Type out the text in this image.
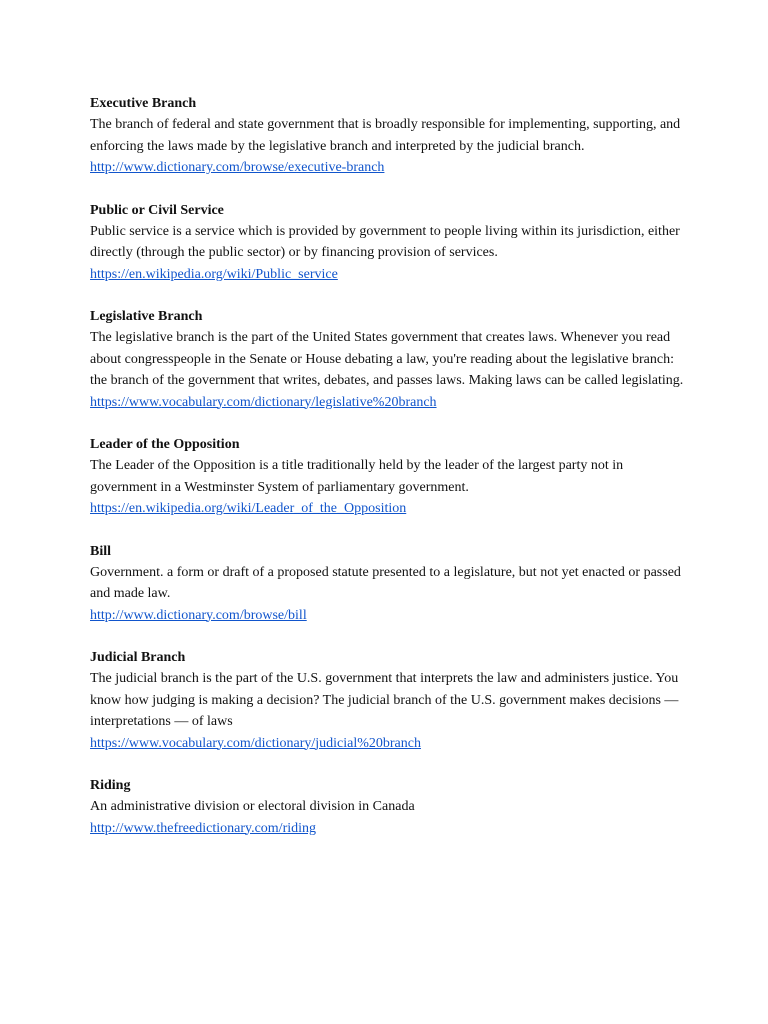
Executive Branch

The branch of federal and state government that is broadly responsible for implementing, supporting, and enforcing the laws made by the legislative branch and interpreted by the judicial branch.

http://www.dictionary.com/browse/executive-branch

Public or Civil Service

Public service is a service which is provided by government to people living within its jurisdiction, either directly (through the public sector) or by financing provision of services.

https://en.wikipedia.org/wiki/Public_service

Legislative Branch

The legislative branch is the part of the United States government that creates laws. Whenever you read about congresspeople in the Senate or House debating a law, you're reading about the legislative branch: the branch of the government that writes, debates, and passes laws. Making laws can be called legislating.

https://www.vocabulary.com/dictionary/legislative%20branch

Leader of the Opposition

The Leader of the Opposition is a title traditionally held by the leader of the largest party not in government in a Westminster System of parliamentary government.

https://en.wikipedia.org/wiki/Leader_of_the_Opposition

Bill

Government. a form or draft of a proposed statute presented to a legislature, but not yet enacted or passed and made law.

http://www.dictionary.com/browse/bill

Judicial Branch

The judicial branch is the part of the U.S. government that interprets the law and administers justice. You know how judging is making a decision? The judicial branch of the U.S. government makes decisions — interpretations — of laws

https://www.vocabulary.com/dictionary/judicial%20branch

Riding

An administrative division or electoral division in Canada

http://www.thefreedictionary.com/riding
